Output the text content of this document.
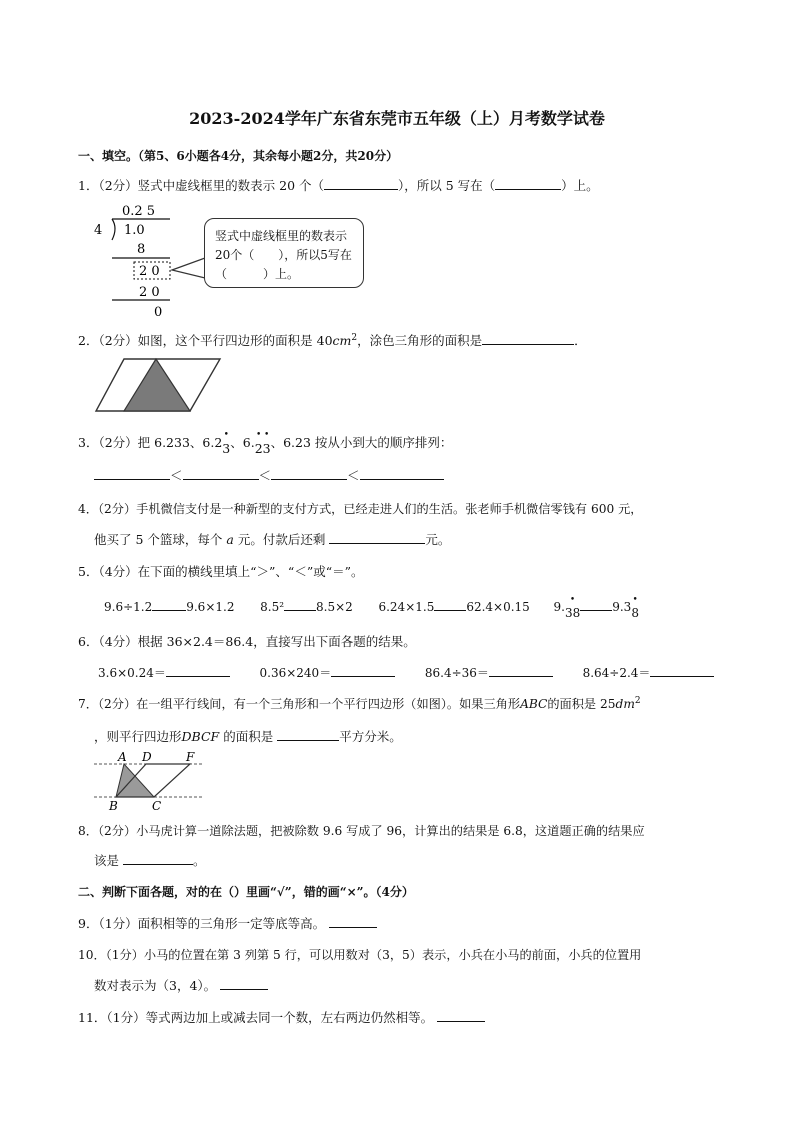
2023-2024学年广东省东莞市五年级（上）月考数学试卷
一、填空。（第5、6小题各4分，其余每小题2分，共20分）
1．（2分）竖式中虚线框里的数表示 20 个（	），所以 5 写在（	）上。
0.2 5
4 1.0
8
2 0
2 0
0
竖式中虚线框里的数表示20个（　　），所以5写在（　　　）上。
2．（2分）如图，这个平行四边形的面积是 $40cm^2$，涂色三角形的面积是	．
3．（2分）把 6.233、6.2• 3、6.• 2• 3、6.23 按从小到大的顺序排列：
＜	＜	＜
4．（2分）手机微信支付是一种新型的支付方式，已经走进人们的生活。张老师手机微信零钱有 600 元，
他买了 5 个篮球，每个 a 元。付款后还剩	元。
5．（4分）在下面的横线里填上“＞”、“＜”或“＝”。
9.6÷1.2	9.6×1.2 8.5²	8.5×2 6.24×1.5	62.4×0.15 9.• 38	9.3• 8
6．（4分）根据 36×2.4＝86.4，直接写出下面各题的结果。
3.6×0.24＝	0.36×240＝	86.4÷36＝	8.64÷2.4＝
7．（2分）在一组平行线间，有一个三角形和一个平行四边形（如图）。如果三角形ABC的面积是 $25dm^2$
，则平行四边形DBCF 的面积是	平方分米。
A D	F
B	C
8．（2分）小马虎计算一道除法题，把被除数 9.6 写成了 96，计算出的结果是 6.8，这道题正确的结果应
该是	。
二、判断下面各题，对的在（）里画“√”，错的画“×”。（4分）
9．（1分）面积相等的三角形一定等底等高。
10．（1分）小马的位置在第 3 列第 5 行，可以用数对（3，5）表示，小兵在小马的前面，小兵的位置用
数对表示为（3，4）。
11．（1分）等式两边加上或减去同一个数，左右两边仍然相等。
